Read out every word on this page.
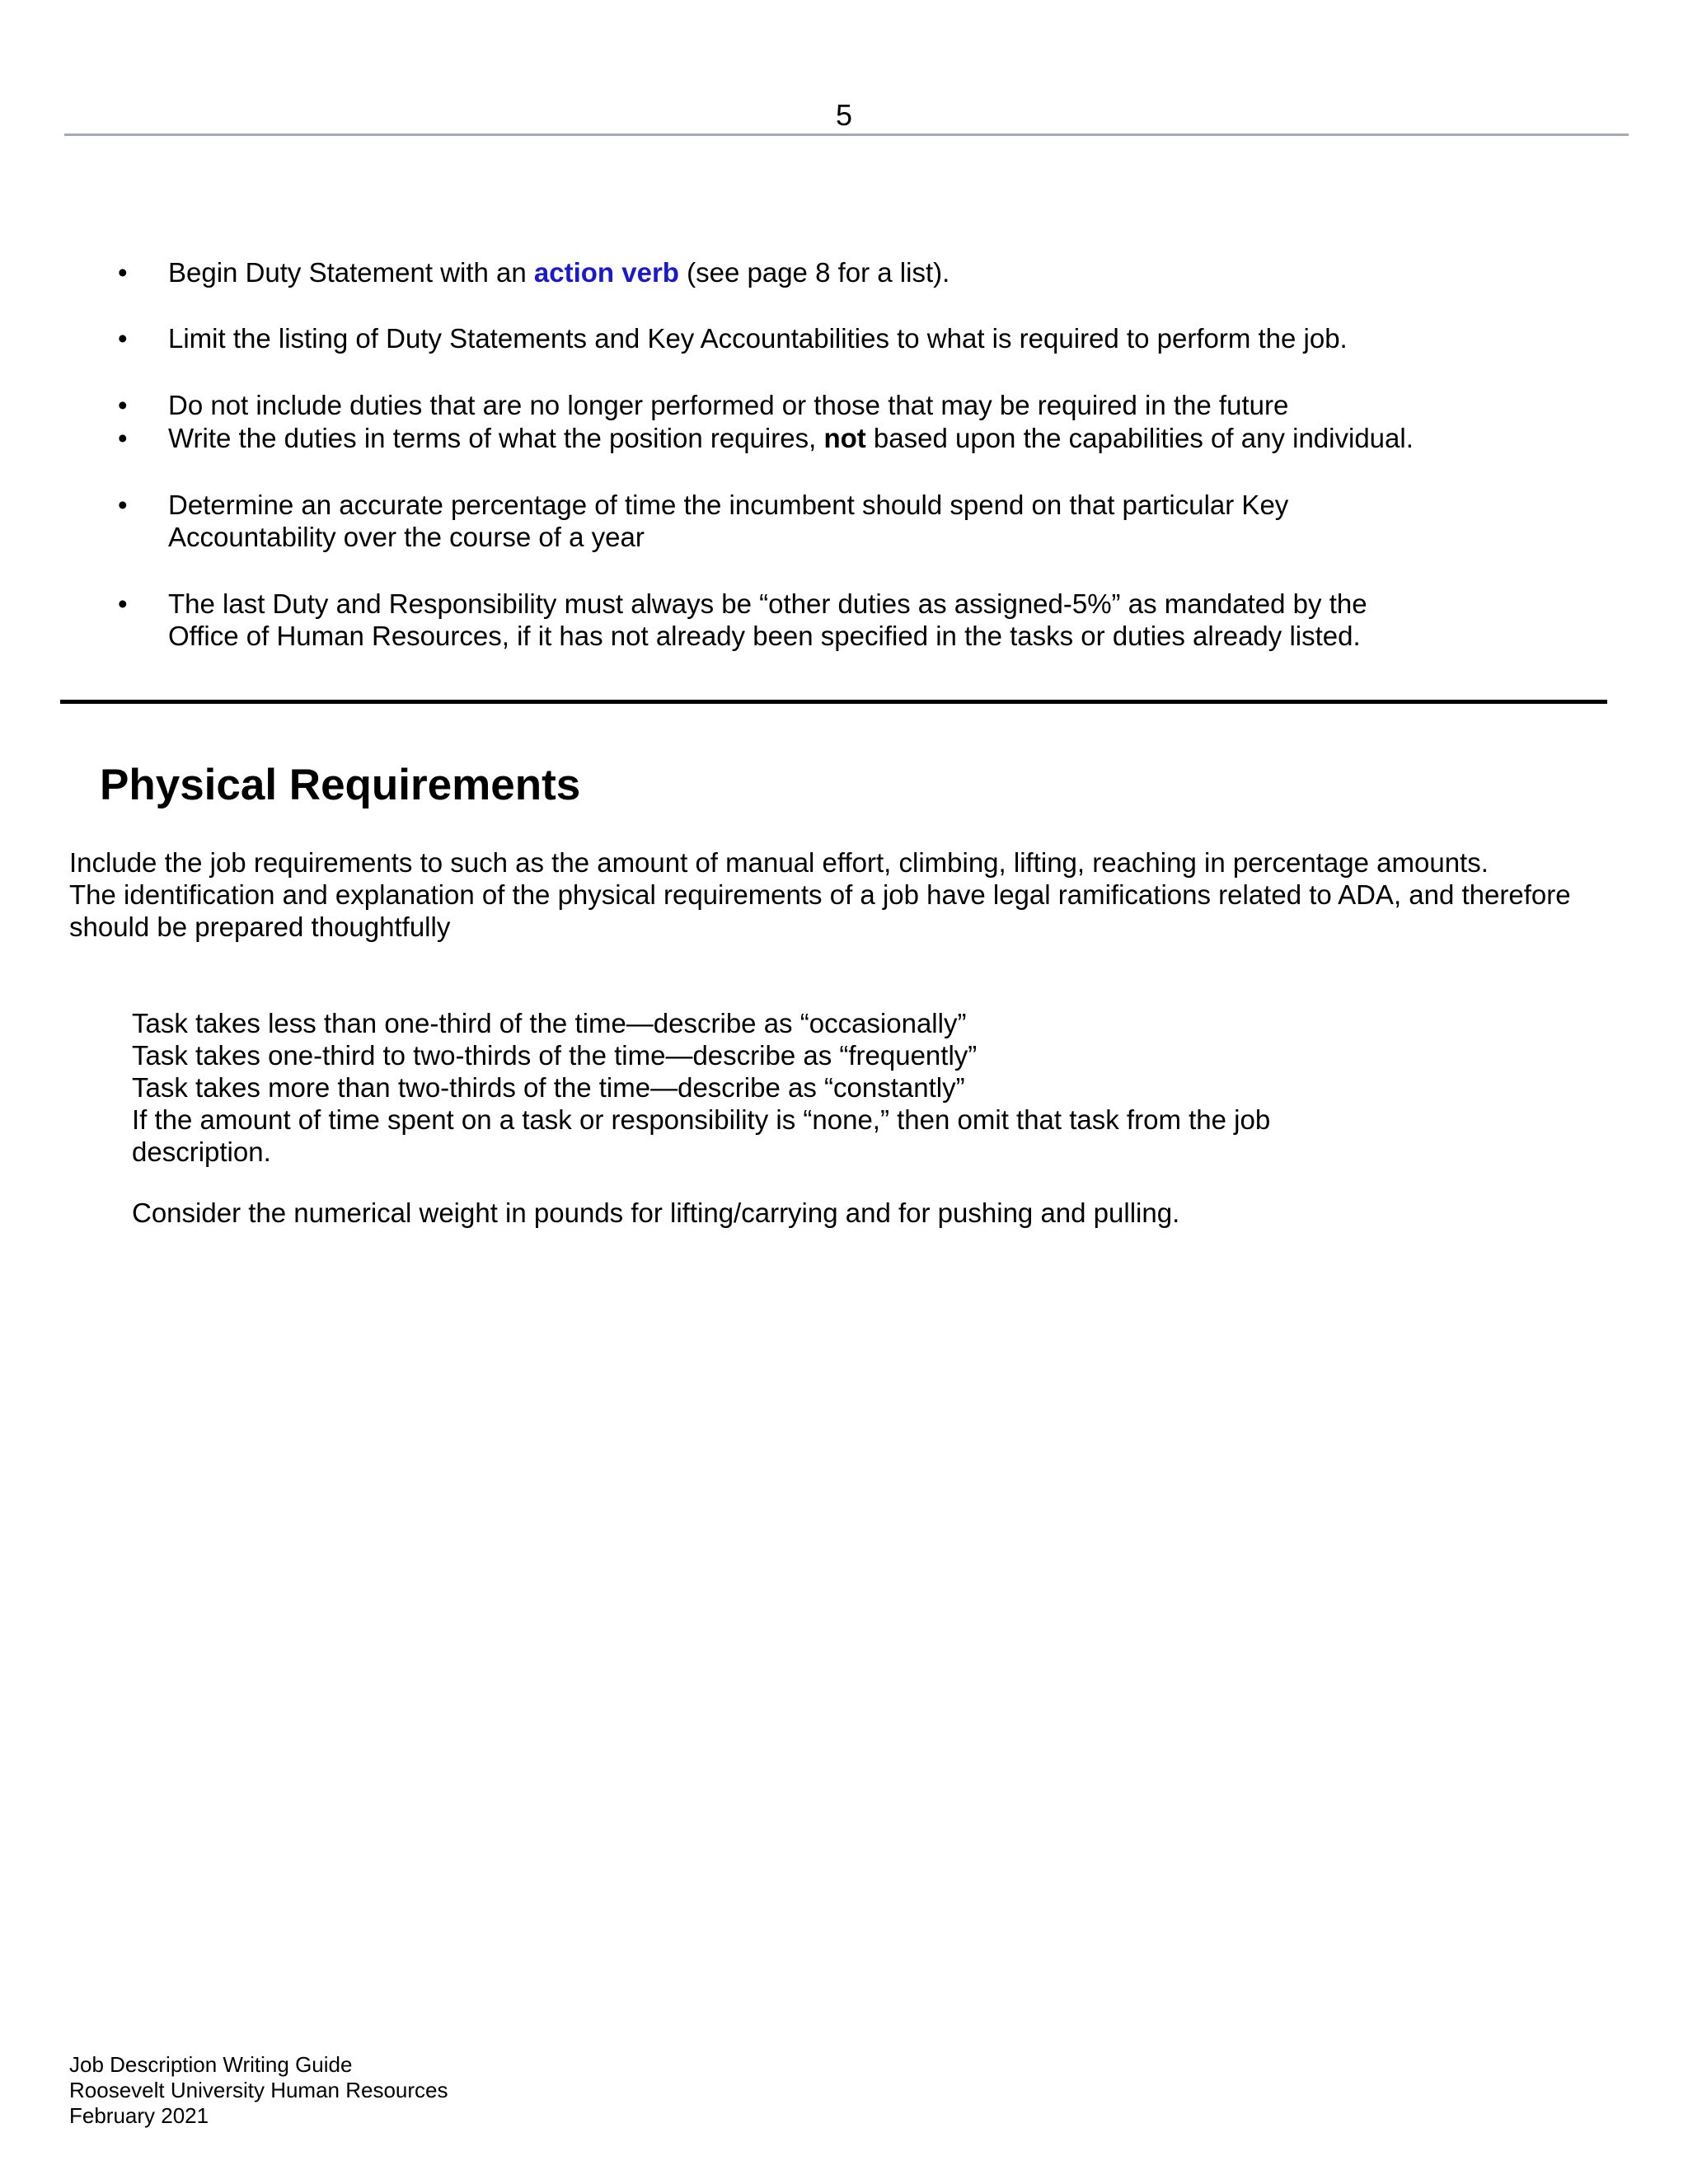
5
• Begin Duty Statement with an action verb (see page 8 for a list).
• Limit the listing of Duty Statements and Key Accountabilities to what is required to perform the job.
• Do not include duties that are no longer performed or those that may be required in the future
• Write the duties in terms of what the position requires, not based upon the capabilities of any individual.
• Determine an accurate percentage of time the incumbent should spend on that particular Key
Accountability over the course of a year
• The last Duty and Responsibility must always be “other duties as assigned-5%” as mandated by the
Office of Human Resources, if it has not already been specified in the tasks or duties already listed.
Physical Requirements
Include the job requirements to such as the amount of manual effort, climbing, lifting, reaching in percentage amounts.
The identification and explanation of the physical requirements of a job have legal ramifications related to ADA, and therefore
should be prepared thoughtfully
Task takes less than one-third of the time—describe as “occasionally”
Task takes one-third to two-thirds of the time—describe as “frequently”
Task takes more than two-thirds of the time—describe as “constantly”
If the amount of time spent on a task or responsibility is “none,” then omit that task from the job
description.
Consider the numerical weight in pounds for lifting/carrying and for pushing and pulling.
Job Description Writing Guide
Roosevelt University Human Resources
February 2021
